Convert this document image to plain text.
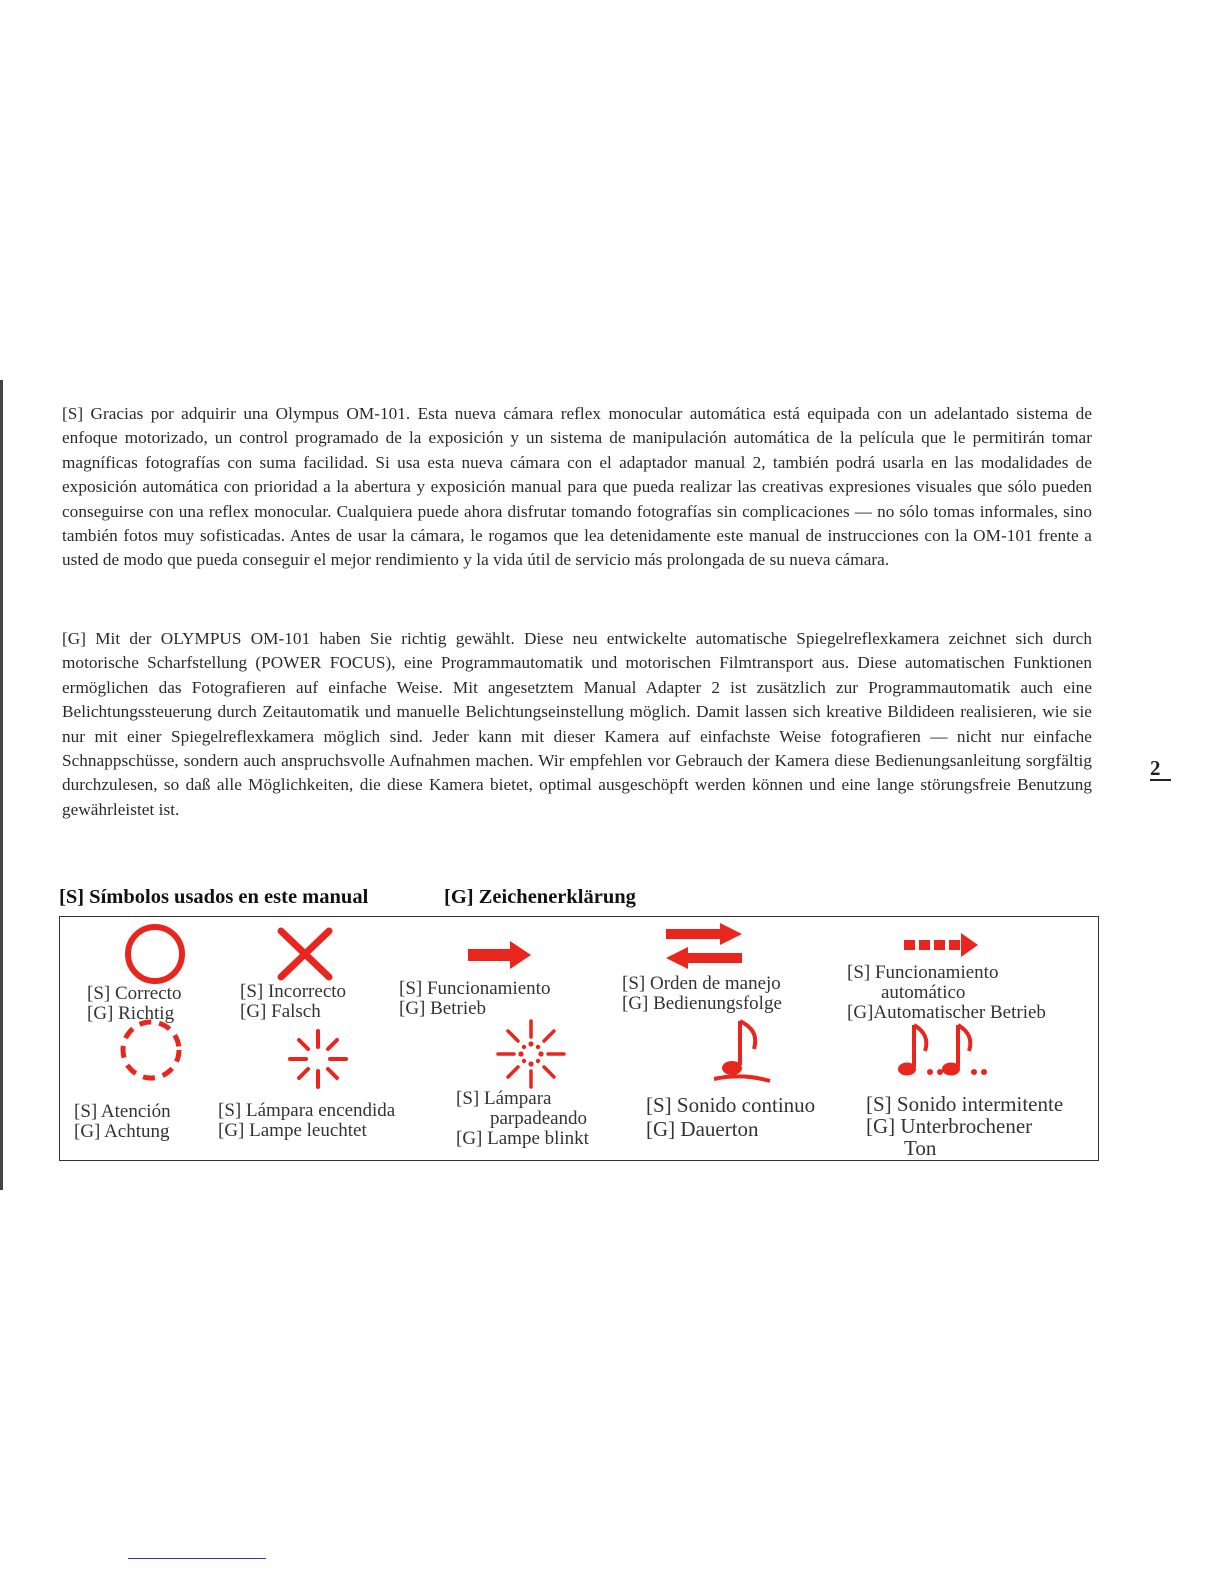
[S] Gracias por adquirir una Olympus OM-101. Esta nueva cámara reflex monocular automática está equipada con un adelantado sistema de enfoque motorizado, un control programado de la exposición y un sistema de manipulación automática de la película que le permitirán tomar magníficas fotografías con suma facilidad. Si usa esta nueva cámara con el adaptador manual 2, también podrá usarla en las modalidades de exposición automática con prioridad a la abertura y exposición manual para que pueda realizar las creativas expresiones visuales que sólo pueden conseguirse con una reflex monocular. Cualquiera puede ahora disfrutar tomando fotografías sin complicaciones — no sólo tomas informales, sino también fotos muy sofisticadas. Antes de usar la cámara, le rogamos que lea detenidamente este manual de instrucciones con la OM-101 frente a usted de modo que pueda conseguir el mejor rendimiento y la vida útil de servicio más prolongada de su nueva cámara.

[G] Mit der OLYMPUS OM-101 haben Sie richtig gewählt. Diese neu entwickelte automatische Spiegelreflexkamera zeichnet sich durch motorische Scharfstellung (POWER FOCUS), eine Programmautomatik und motorischen Filmtransport aus. Diese automatischen Funktionen ermöglichen das Fotografieren auf einfache Weise. Mit angesetztem Manual Adapter 2 ist zusätzlich zur Programmautomatik auch eine Belichtungssteuerung durch Zeitautomatik und manuelle Belichtungseinstellung möglich. Damit lassen sich kreative Bildideen realisieren, wie sie nur mit einer Spiegelreflexkamera möglich sind. Jeder kann mit dieser Kamera auf einfachste Weise fotografieren — nicht nur einfache Schnappschüsse, sondern auch anspruchsvolle Aufnahmen machen. Wir empfehlen vor Gebrauch der Kamera diese Bedienungsanleitung sorgfältig durchzulesen, so daß alle Möglichkeiten, die diese Kamera bietet, optimal ausgeschöpft werden können und eine lange störungsfreie Benutzung gewährleistet ist.

2
[S] Símbolos usados en este manual	[G] Zeichenerklärung
[S] Correcto
[G] Richtig
[S] Incorrecto
[G] Falsch
[S] Funcionamiento
[G] Betrieb
[S] Orden de manejo
[G] Bedienungsfolge
[S] Funcionamiento
automático
[G]Automatischer Betrieb
[S] Atención
[G] Achtung
[S] Lámpara encendida
[G] Lampe leuchtet
[S] Lámpara
parpadeando
[G] Lampe blinkt
[S] Sonido continuo
[G] Dauerton
[S] Sonido intermitente
[G] Unterbrochener
Ton
